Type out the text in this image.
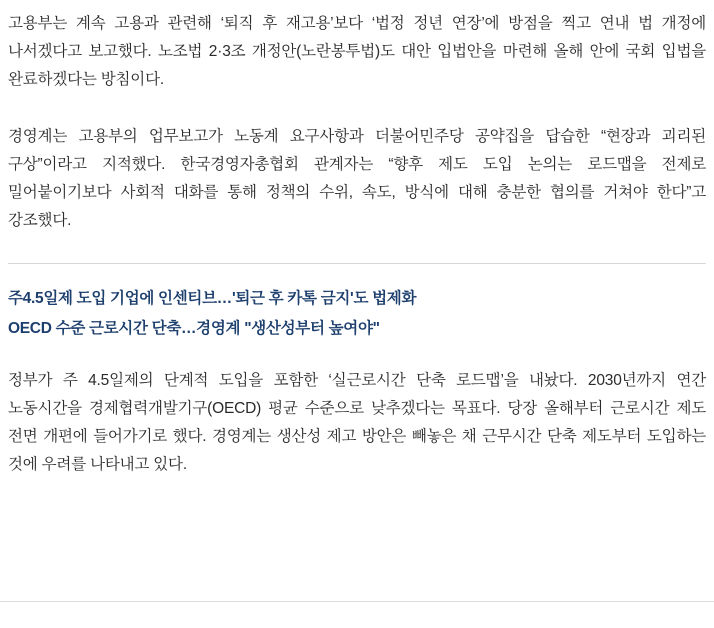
고용부는 계속 고용과 관련해 ‘퇴직 후 재고용’보다 ‘법정 정년 연장’에 방점을 찍고 연내 법 개정에 나서겠다고 보고했다. 노조법 2·3조 개정안(노란봉투법)도 대안 입법안을 마련해 올해 안에 국회 입법을 완료하겠다는 방침이다.

경영계는 고용부의 업무보고가 노동계 요구사항과 더불어민주당 공약집을 답습한 “현장과 괴리된 구상”이라고 지적했다. 한국경영자총협회 관계자는 “향후 제도 도입 논의는 로드맵을 전제로 밀어붙이기보다 사회적 대화를 통해 정책의 수위, 속도, 방식에 대해 충분한 협의를 거쳐야 한다”고 강조했다.

주4.5일제 도입 기업에 인센티브…'퇴근 후 카톡 금지'도 법제화
OECD 수준 근로시간 단축…경영계 "생산성부터 높여야"

정부가 주 4.5일제의 단계적 도입을 포함한 ‘실근로시간 단축 로드맵’을 내놨다. 2030년까지 연간 노동시간을 경제협력개발기구(OECD) 평균 수준으로 낮추겠다는 목표다. 당장 올해부터 근로시간 제도 전면 개편에 들어가기로 했다. 경영계는 생산성 제고 방안은 빼놓은 채 근무시간 단축 제도부터 도입하는 것에 우려를 나타내고 있다.
